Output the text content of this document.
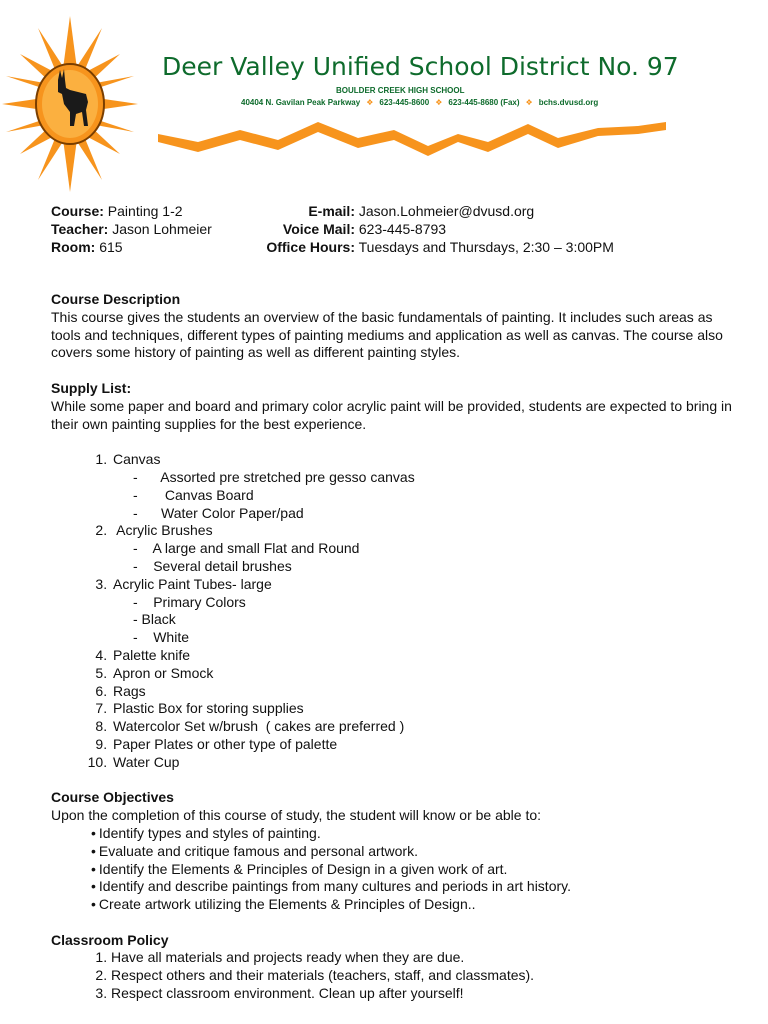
Deer Valley Unified School District No. 97
BOULDER CREEK HIGH SCHOOL
40404 N. Gavilan Peak Parkway ❖ 623-445-8600 ❖ 623-445-8680 (Fax) ❖ bchs.dvusd.org
Course: Painting 1-2
Teacher: Jason Lohmeier
Room: 615
E-mail: Jason.Lohmeier@dvusd.org
Voice Mail: 623-445-8793
Office Hours: Tuesdays and Thursdays, 2:30 – 3:00PM
Course Description

This course gives the students an overview of the basic fundamentals of painting. It includes such areas as tools and techniques, different types of painting mediums and application as well as canvas. The course also covers some history of painting as well as different painting styles.

Supply List:

While some paper and board and primary color acrylic paint will be provided, students are expected to bring in their own painting supplies for the best experience.

1. Canvas
-      Assorted pre stretched pre gesso canvas
-       Canvas Board
-      Water Color Paper/pad
2.  Acrylic Brushes
-    A large and small Flat and Round
-    Several detail brushes
3. Acrylic Paint Tubes- large
-    Primary Colors
- Black
-    White
4. Palette knife
5. Apron or Smock
6. Rags
7. Plastic Box for storing supplies
8. Watercolor Set w/brush  ( cakes are preferred )
9. Paper Plates or other type of palette
10. Water Cup
Course Objectives

Upon the completion of this course of study, the student will know or be able to:

• Identify types and styles of painting.
• Evaluate and critique famous and personal artwork.
• Identify the Elements & Principles of Design in a given work of art.
• Identify and describe paintings from many cultures and periods in art history.
• Create artwork utilizing the Elements & Principles of Design..
Classroom Policy
1. Have all materials and projects ready when they are due.
2. Respect others and their materials (teachers, staff, and classmates).
3. Respect classroom environment. Clean up after yourself!
